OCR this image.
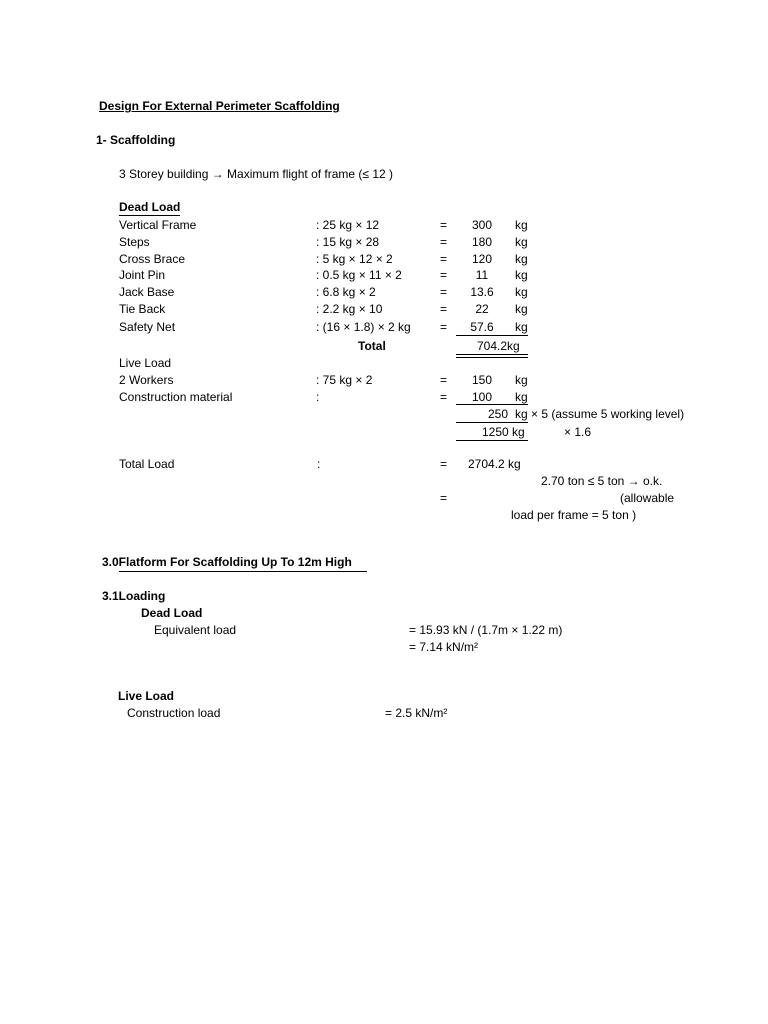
Design For External Perimeter Scaffolding
1- Scaffolding
3 Storey building → Maximum flight of frame (≤ 12 )
Dead Load
Vertical Frame	: 25 kg × 12	=	300	kg
Steps	: 15 kg × 28	=	180	kg
Cross Brace	: 5 kg × 12 × 2	=	120	kg
Joint Pin	: 0.5 kg × 11 × 2	=	11	kg
Jack Base	: 6.8 kg × 2	=	13.6	kg
Tie Back	: 2.2 kg × 10	=	22	kg
Safety Net	: (16 × 1.8) × 2 kg =	57.6	kg
Total	704.2kg
Live Load
2 Workers	: 75 kg × 2	=	150	kg
Construction material	:	=	100	kg
250 kg × 5 (assume 5 working level)
1250 kg	× 1.6
Total Load	:	= 2704.2 kg
2.70 ton ≤ 5 ton → o.k.
=	(allowable
load per frame = 5 ton )
3.0Flatform For Scaffolding Up To 12m High
3.1Loading
Dead Load
Equivalent load	= 15.93 kN / (1.7m × 1.22 m)
= 7.14 kN/m²
Live Load
Construction load	= 2.5 kN/m²
